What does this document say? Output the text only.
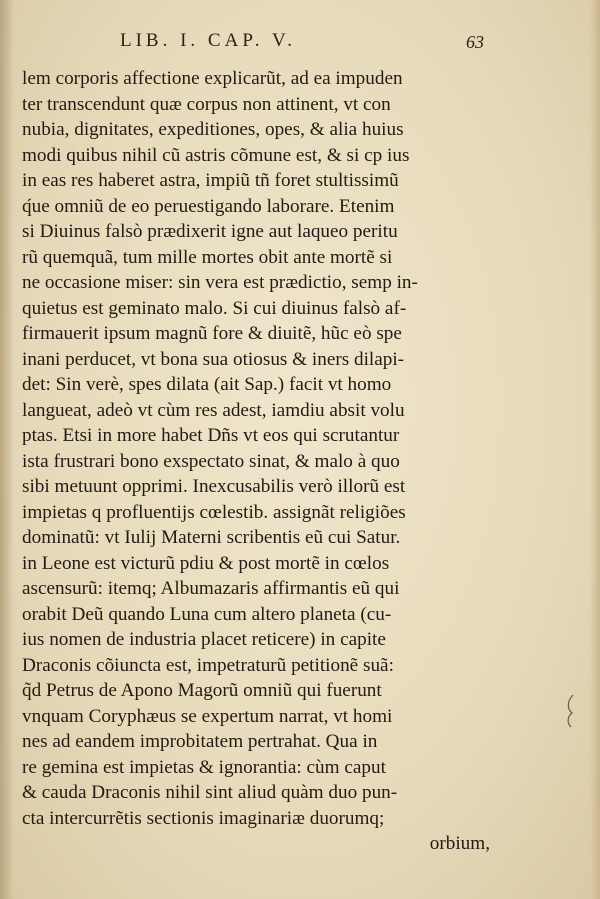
LIB. I. CAP. V.	63
lem corporis affectione explicarũt, ad ea impuden
ter transcendunt quæ corpus non attinent, vt con
nubia, dignitates, expeditiones, opes, & alia huius
modi quibus nihil cũ astris cõmune est, & si cp ius
in eas res haberet astra, impiũ tñ foret stultissimũ
q́ue omniũ de eo peruestigando laborare. Etenim
si Diuinus falsò prædixerit igne aut laqueo peritu
rũ quemquã, tum mille mortes obit ante mortẽ si
ne occasione miser: sin vera est prædictio, semp in-
quietus est geminato malo. Si cui diuinus falsò af-
firmauerit ipsum magnũ fore & diuitẽ, hũc eò spe
inani perducet, vt bona sua otiosus & iners dilapi-
det: Sin verè, spes dilata (ait Sap.) facit vt homo
langueat, adeò vt cùm res adest, iamdiu absit volu
ptas. Etsi in more habet Dñs vt eos qui scrutantur
ista frustrari bono exspectato sinat, & malo à quo
sibi metuunt opprimi. Inexcusabilis verò illorũ est
impietas q profluentijs cœlestib. assignãt religiões
dominatũ: vt Iulij Materni scribentis eũ cui Satur.
in Leone est victurũ pdiu & post mortẽ in cœlos
ascensurũ: itemq; Albumazaris affirmantis eũ qui
orabit Deũ quando Luna cum altero planeta (cu-
ius nomen de industria placet reticere) in capite
Draconis cõiuncta est, impetraturũ petitionẽ suã:
q̃d Petrus de Apono Magorũ omniũ qui fuerunt
vnquam Coryphæus se expertum narrat, vt homi
nes ad eandem improbitatem pertrahat. Qua in
re gemina est impietas & ignorantia: cùm caput
& cauda Draconis nihil sint aliud quàm duo pun-
cta intercurrẽtis sectionis imaginariæ duorumq;
orbium,
